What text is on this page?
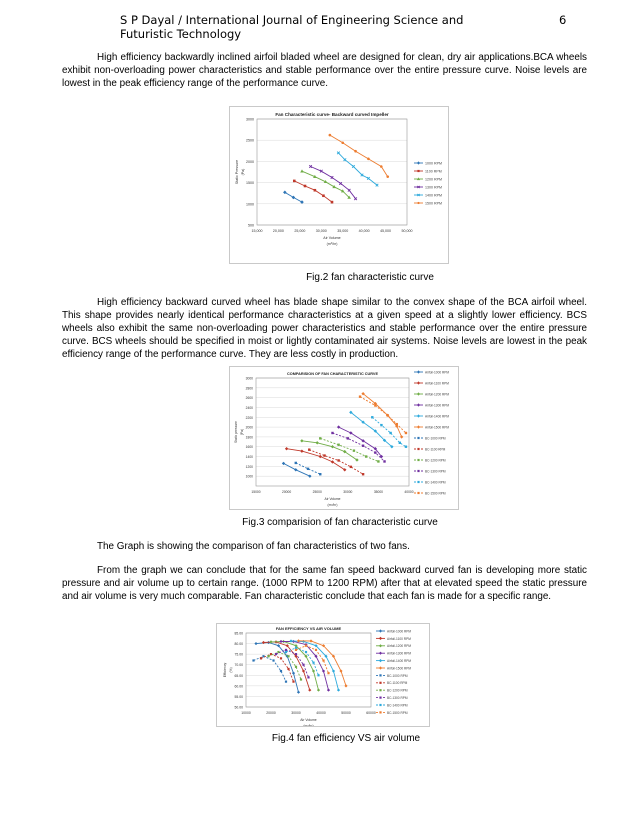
S P Dayal / International Journal of Engineering Science and Futuristic Technology
6

High efficiency backwardly inclined airfoil bladed wheel are designed for clean, dry air applications.BCA wheels exhibit non-overloading power characteristics and stable performance over the entire pressure curve. Noise levels are lowest in the peak efficiency range of the performance curve.

Fan Characteristic curve- Backward curved Impeller
500
1000
1500
2000
2500
3000
15,000	20,000	25,000	30,000	35,000	40,000	45,000	50,000
Air Volume
(m³/hr)
Static Pressure (Pa)
1000 RPM
1100 RPM
1200 RPM
1300 RPM
1400 RPM
1500 RPM
Fig.2 fan characteristic curve

High efficiency backward curved wheel has blade shape similar to the convex shape of the BCA airfoil wheel. This shape provides nearly identical performance characteristics at a given speed at a slightly lower efficiency. BCS wheels also exhibit the same non-overloading power characteristics and stable performance over the entire pressure curve. BCS wheels should be specified in moist or lightly contaminated air systems. Noise levels are lowest in the peak efficiency range of the performance curve. They are less costly in production.

COMPARISION OF FAN CHARACTERISTIC CURVE
1000
1200
1400
1600
1800
2000
2200
2400
2600
2800
3000
15000	20000	25000	30000	35000	40000
Air Volume
(m³/hr)
Static pressure (Pa)
Airfoil-1000 RPM
Airfoil-1100 RPM
Airfoil-1200 RPM
Airfoil-1300 RPM
Airfoil-1400 RPM
Airfoil-1500 RPM
BC-1000 RPM
BC-1100 RPM
BC-1200 RPM
BC-1300 RPM
BC-1400 RPM
BC-1500 RPM
Fig.3 comparision of fan characteristic curve

The Graph is showing the comparison of fan characteristics of two fans.

From the graph we can conclude that for the same fan speed backward curved fan is developing more static pressure and air volume up to certain range. (1000 RPM to 1200 RPM) after that at elevated speed the static pressure and air volume is very much comparable. Fan characteristic conclude that each fan is made for a specific range.

FAN EFFICIENCY VS AIR VOLUME
50.00
55.00
60.00
65.00
70.00
75.00
80.00
85.00
10000	20000	30000	40000	50000	60000
Air Volume
(m³/hr)
Efficiency (%)
Airfoil-1000 RPM
Airfoil-1100 RPM
Airfoil-1200 RPM
Airfoil-1300 RPM
Airfoil-1400 RPM
Airfoil-1500 RPM
BC-1000 RPM
BC-1100 RPM
BC-1200 RPM
BC-1300 RPM
BC-1400 RPM
BC-1500 RPM
Fig.4 fan efficiency VS air volume
